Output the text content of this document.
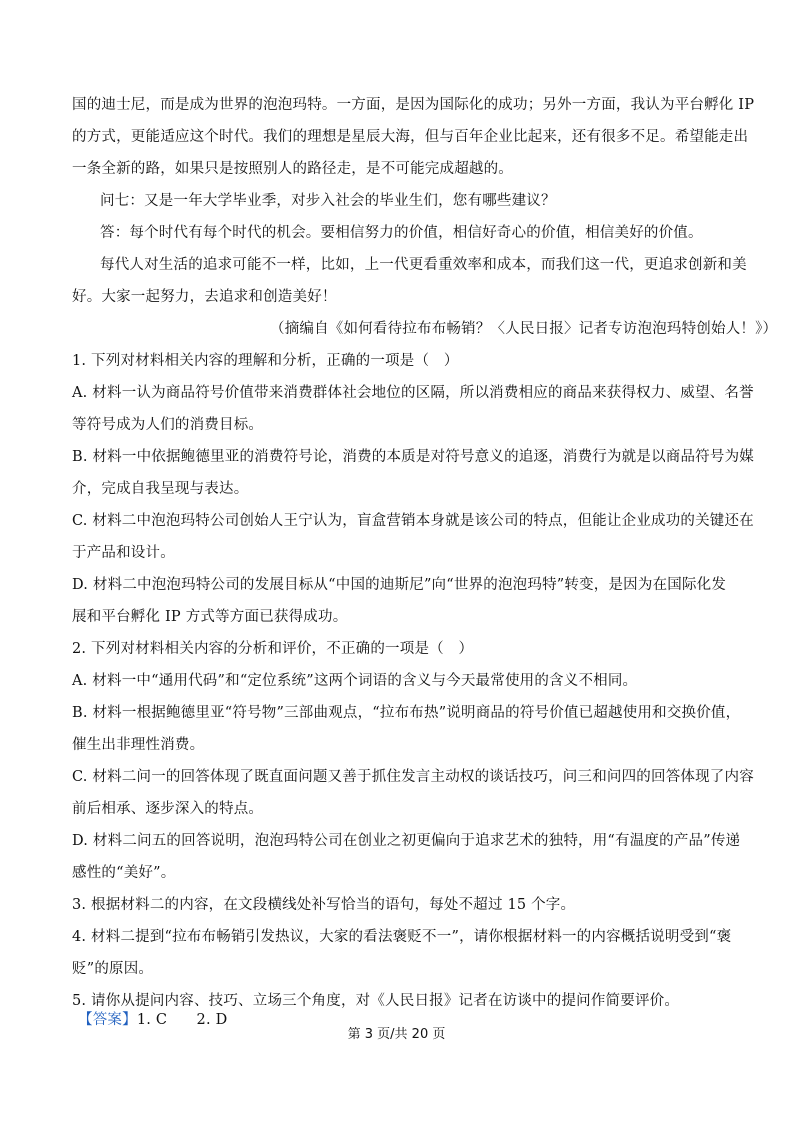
国的迪士尼，而是成为世界的泡泡玛特。一方面，是因为国际化的成功；另外一方面，我认为平台孵化 IP
的方式，更能适应这个时代。我们的理想是星辰大海，但与百年企业比起来，还有很多不足。希望能走出
一条全新的路，如果只是按照别人的路径走，是不可能完成超越的。
问七：又是一年大学毕业季，对步入社会的毕业生们，您有哪些建议？
答：每个时代有每个时代的机会。要相信努力的价值，相信好奇心的价值，相信美好的价值。
每代人对生活的追求可能不一样，比如，上一代更看重效率和成本，而我们这一代，更追求创新和美
好。大家一起努力，去追求和创造美好！
（摘编自《如何看待拉布布畅销？〈人民日报〉记者专访泡泡玛特创始人！》）
1. 下列对材料相关内容的理解和分析，正确的一项是（　）
A. 材料一认为商品符号价值带来消费群体社会地位的区隔，所以消费相应的商品来获得权力、威望、名誉
等符号成为人们的消费目标。
B. 材料一中依据鲍德里亚的消费符号论，消费的本质是对符号意义的追逐，消费行为就是以商品符号为媒
介，完成自我呈现与表达。
C. 材料二中泡泡玛特公司创始人王宁认为，盲盒营销本身就是该公司的特点，但能让企业成功的关键还在
于产品和设计。
D. 材料二中泡泡玛特公司的发展目标从“中国的迪斯尼”向“世界的泡泡玛特”转变，是因为在国际化发
展和平台孵化 IP 方式等方面已获得成功。
2. 下列对材料相关内容的分析和评价，不正确的一项是（　）
A. 材料一中“通用代码”和“定位系统”这两个词语的含义与今天最常使用的含义不相同。
B. 材料一根据鲍德里亚“符号物”三部曲观点，“拉布布热”说明商品的符号价值已超越使用和交换价值，
催生出非理性消费。
C. 材料二问一的回答体现了既直面问题又善于抓住发言主动权的谈话技巧，问三和问四的回答体现了内容
前后相承、逐步深入的特点。
D. 材料二问五的回答说明，泡泡玛特公司在创业之初更偏向于追求艺术的独特，用“有温度的产品”传递
感性的“美好”。
3. 根据材料二的内容，在文段横线处补写恰当的语句，每处不超过 15 个字。
4. 材料二提到“拉布布畅销引发热议，大家的看法褒贬不一”，请你根据材料一的内容概括说明受到“褒
贬”的原因。
5. 请你从提问内容、技巧、立场三个角度，对《人民日报》记者在访谈中的提问作简要评价。
【答案】1. C　　2. D
第 3 页/共 20 页
